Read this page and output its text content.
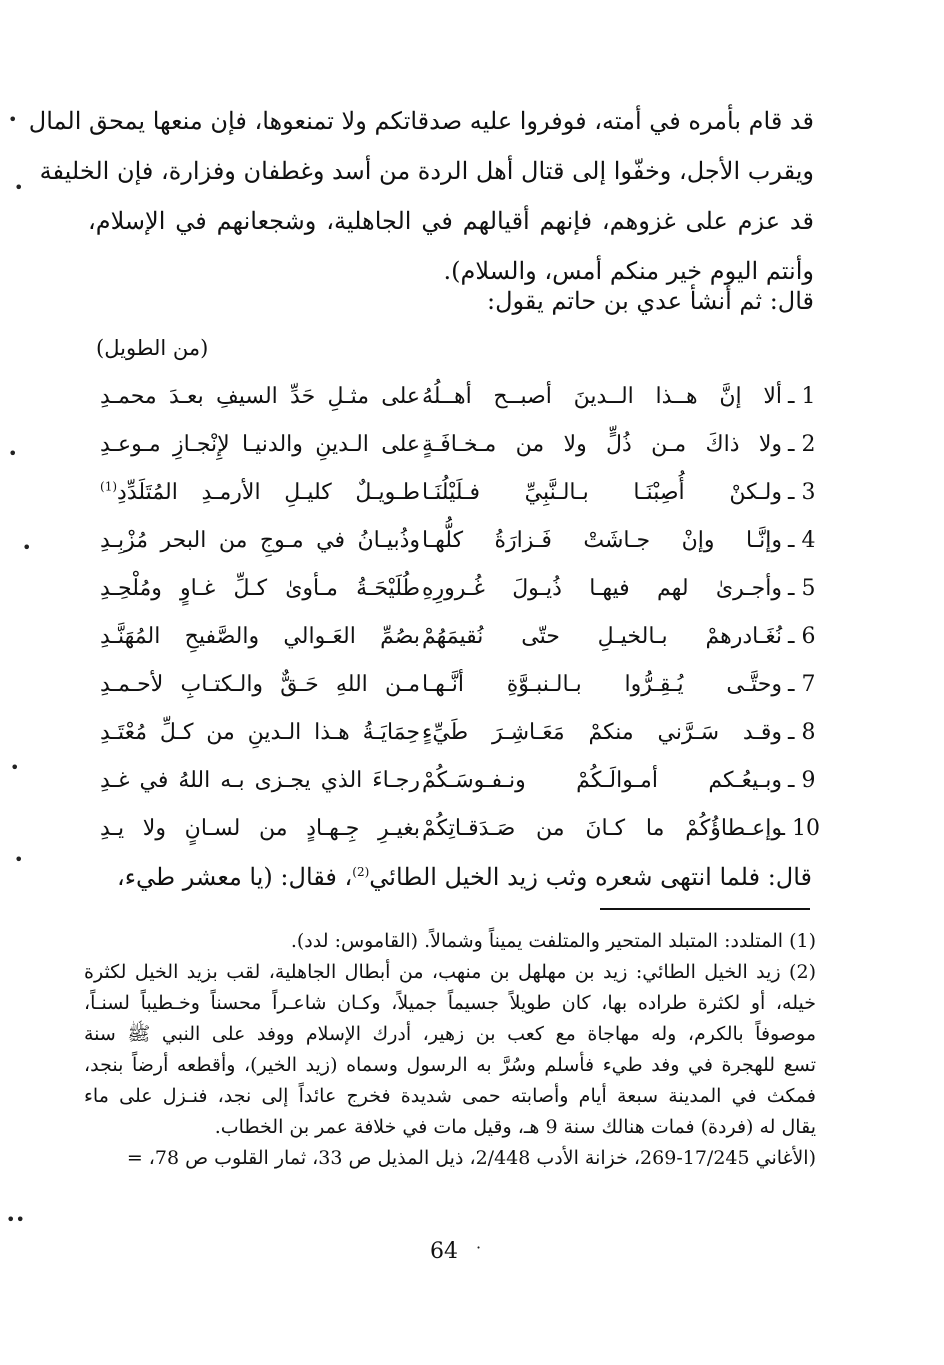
قد قام بأمره في أمته، فوفروا عليه صدقاتكم ولا تمنعوها، فإن منعها يمحق المال
ويقرب الأجل، وخفّوا إلى قتال أهل الردة من أسد وغطفان وفزارة، فإن الخليفة
قد عزم على غزوهم، فإنهم أقيالهم في الجاهلية، وشجعانهم في الإسلام،
وأنتم اليوم خير منكم أمس، والسلام).
قال: ثم أنشأ عدي بن حاتم يقول:
(من الطويل)
1 ـ
ألا إنَّ هــذا الــدينَ أصبــح أهــلُهُ
على مثـلِ حَدِّ السيفِ بعـدَ محمـدِ
2 ـ
ولا ذاكَ مـن ذُلٍّ ولا من مـخـافَـةٍ
على الـدينِ والدنيـا لإِنْجـازِ مـوعـدِ
3 ـ
ولـكنْ أُصِبْنَـا بـالـنَّبِيِّ فـلَيْلُنَـا
طـويـلٌ كليـلِ الأرمـدِ المُتَلَدِّدِ$^{(1)}$
4 ـ
وإنَّـا وإنْ جـاشَتْ فَـزارَةُ كلُّهـا
وذُبيـانُ في مـوجِ من البحر مُزْبِـدِ
5 ـ
وأجـرىٰ لهم فيهـا ذُيـولَ غُـرورِهِ
طُلَيْحَـةُ مـأوىٰ كـلِّ غـاوٍ ومُلْحِـدِ
6 ـ
نُغَـادرهمْ بـالخيـلِ حتّى نُقيمَهُمْ
بصُمِّ العَـوالي والصَّفيحِ المُهَنَّـدِ
7 ـ
وحتَّـى يُـقِـرُّوا بـالـنبـوَّةِ أنَّـهـا
مـن اللهِ حَـقٌّ والـكتـابِ لأحـمـدِ
8 ـ
وقـد سَـرَّني منكمْ مَعَـاشِـرَ طَيِّءٍ
حِمَايَـةُ هـذا الـدينِ من كـلِّ مُعْتَـدِ
9 ـ
وبـيعُـكم أمـوالَـكُمْ ونـفـوسَـكُمْ
رجـاءَ الذي يجـزى بـه اللهُ في غـدِ
10 ـ
وإعـطاؤُكُمْ ما كـانَ من صَـدَقـاتِكُمْ
بغيـرِ جِـهـادٍ من لسـانٍ ولا يـدِ
قال: فلما انتهى شعره وثب زيد الخيل الطائي$^{(2)}$، فقال: (يا معشر طيء،
(1) المتلدد: المتبلد المتحير والمتلفت يميناً وشمالاً. (القاموس: لدد).
(2) زيد الخيل الطائي: زيد بن مهلهل بن منهب، من أبطال الجاهلية، لقب بزيد الخيل لكثرة
خيله، أو لكثرة طراده بها، كان طويلاً جسيماً جميلاً، وكـان شاعـراً محسناً وخـطيباً لسنـاً،
موصوفاً بالكرم، وله مهاجاة مع كعب بن زهير، أدرك الإسلام ووفد على النبي ﷺ سنة
تسع للهجرة في وفد طيء فأسلم وسُرَّ به الرسول وسماه (زيد الخير)، وأقطعه أرضاً بنجد،
فمكث في المدينة سبعة أيام وأصابته حمى شديدة فخرج عائداً إلى نجد، فنـزل على ماء
يقال له (فردة) فمات هنالك سنة 9 هـ، وقيل مات في خلافة عمر بن الخطاب.
(الأغاني 17/245-269، خزانة الأدب 2/448، ذيل المذيل ص 33، ثمار القلوب ص 78، =
64
•
•
•
•
•
•
••
·
